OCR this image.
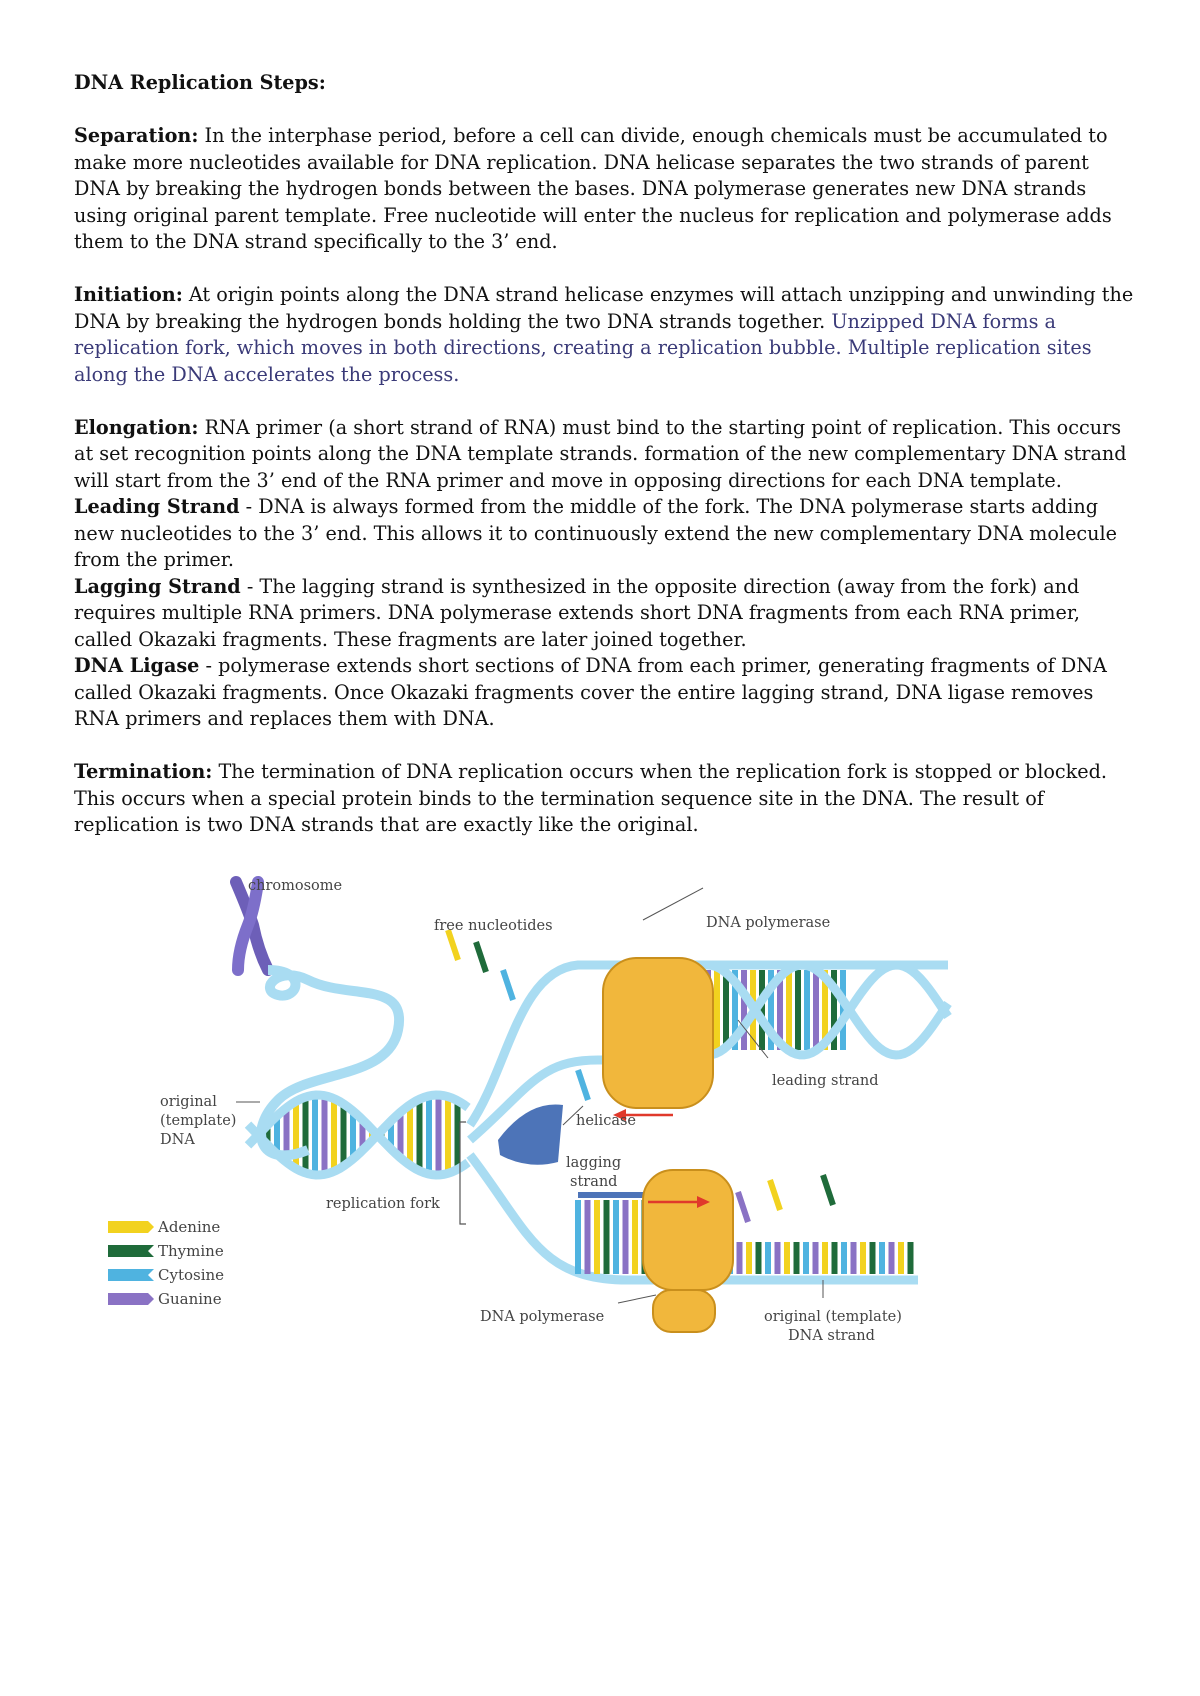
DNA Replication Steps:

Separation: In the interphase period, before a cell can divide, enough chemicals must be accumulated to make more nucleotides available for DNA replication. DNA helicase separates the two strands of parent DNA by breaking the hydrogen bonds between the bases. DNA polymerase generates new DNA strands using original parent template. Free nucleotide will enter the nucleus for replication and polymerase adds them to the DNA strand specifically to the 3’ end.

Initiation: At origin points along the DNA strand helicase enzymes will attach unzipping and unwinding the DNA by breaking the hydrogen bonds holding the two DNA strands together. Unzipped DNA forms a replication fork, which moves in both directions, creating a replication bubble. Multiple replication sites along the DNA accelerates the process.

Elongation: RNA primer (a short strand of RNA) must bind to the starting point of replication. This occurs at set recognition points along the DNA template strands. formation of the new complementary DNA strand will start from the 3’ end of the RNA primer and move in opposing directions for each DNA template.

Leading Strand - DNA is always formed from the middle of the fork. The DNA polymerase starts adding new nucleotides to the 3’ end. This allows it to continuously extend the new complementary DNA molecule from the primer.

Lagging Strand - The lagging strand is synthesized in the opposite direction (away from the fork) and requires multiple RNA primers. DNA polymerase extends short DNA fragments from each RNA primer, called Okazaki fragments. These fragments are later joined together.

DNA Ligase - polymerase extends short sections of DNA from each primer, generating fragments of DNA called Okazaki fragments. Once Okazaki fragments cover the entire lagging strand, DNA ligase removes RNA primers and replaces them with DNA.

Termination: The termination of DNA replication occurs when the replication fork is stopped or blocked. This occurs when a special protein binds to the termination sequence site in the DNA. The result of replication is two DNA strands that are exactly like the original.

chromosome
free nucleotides	DNA polymerase
leading strand
original
(template)
DNA
helicase
lagging
strand
replication fork
DNA polymerase	original (template)
DNA strand
Adenine
Thymine
Cytosine
Guanine
